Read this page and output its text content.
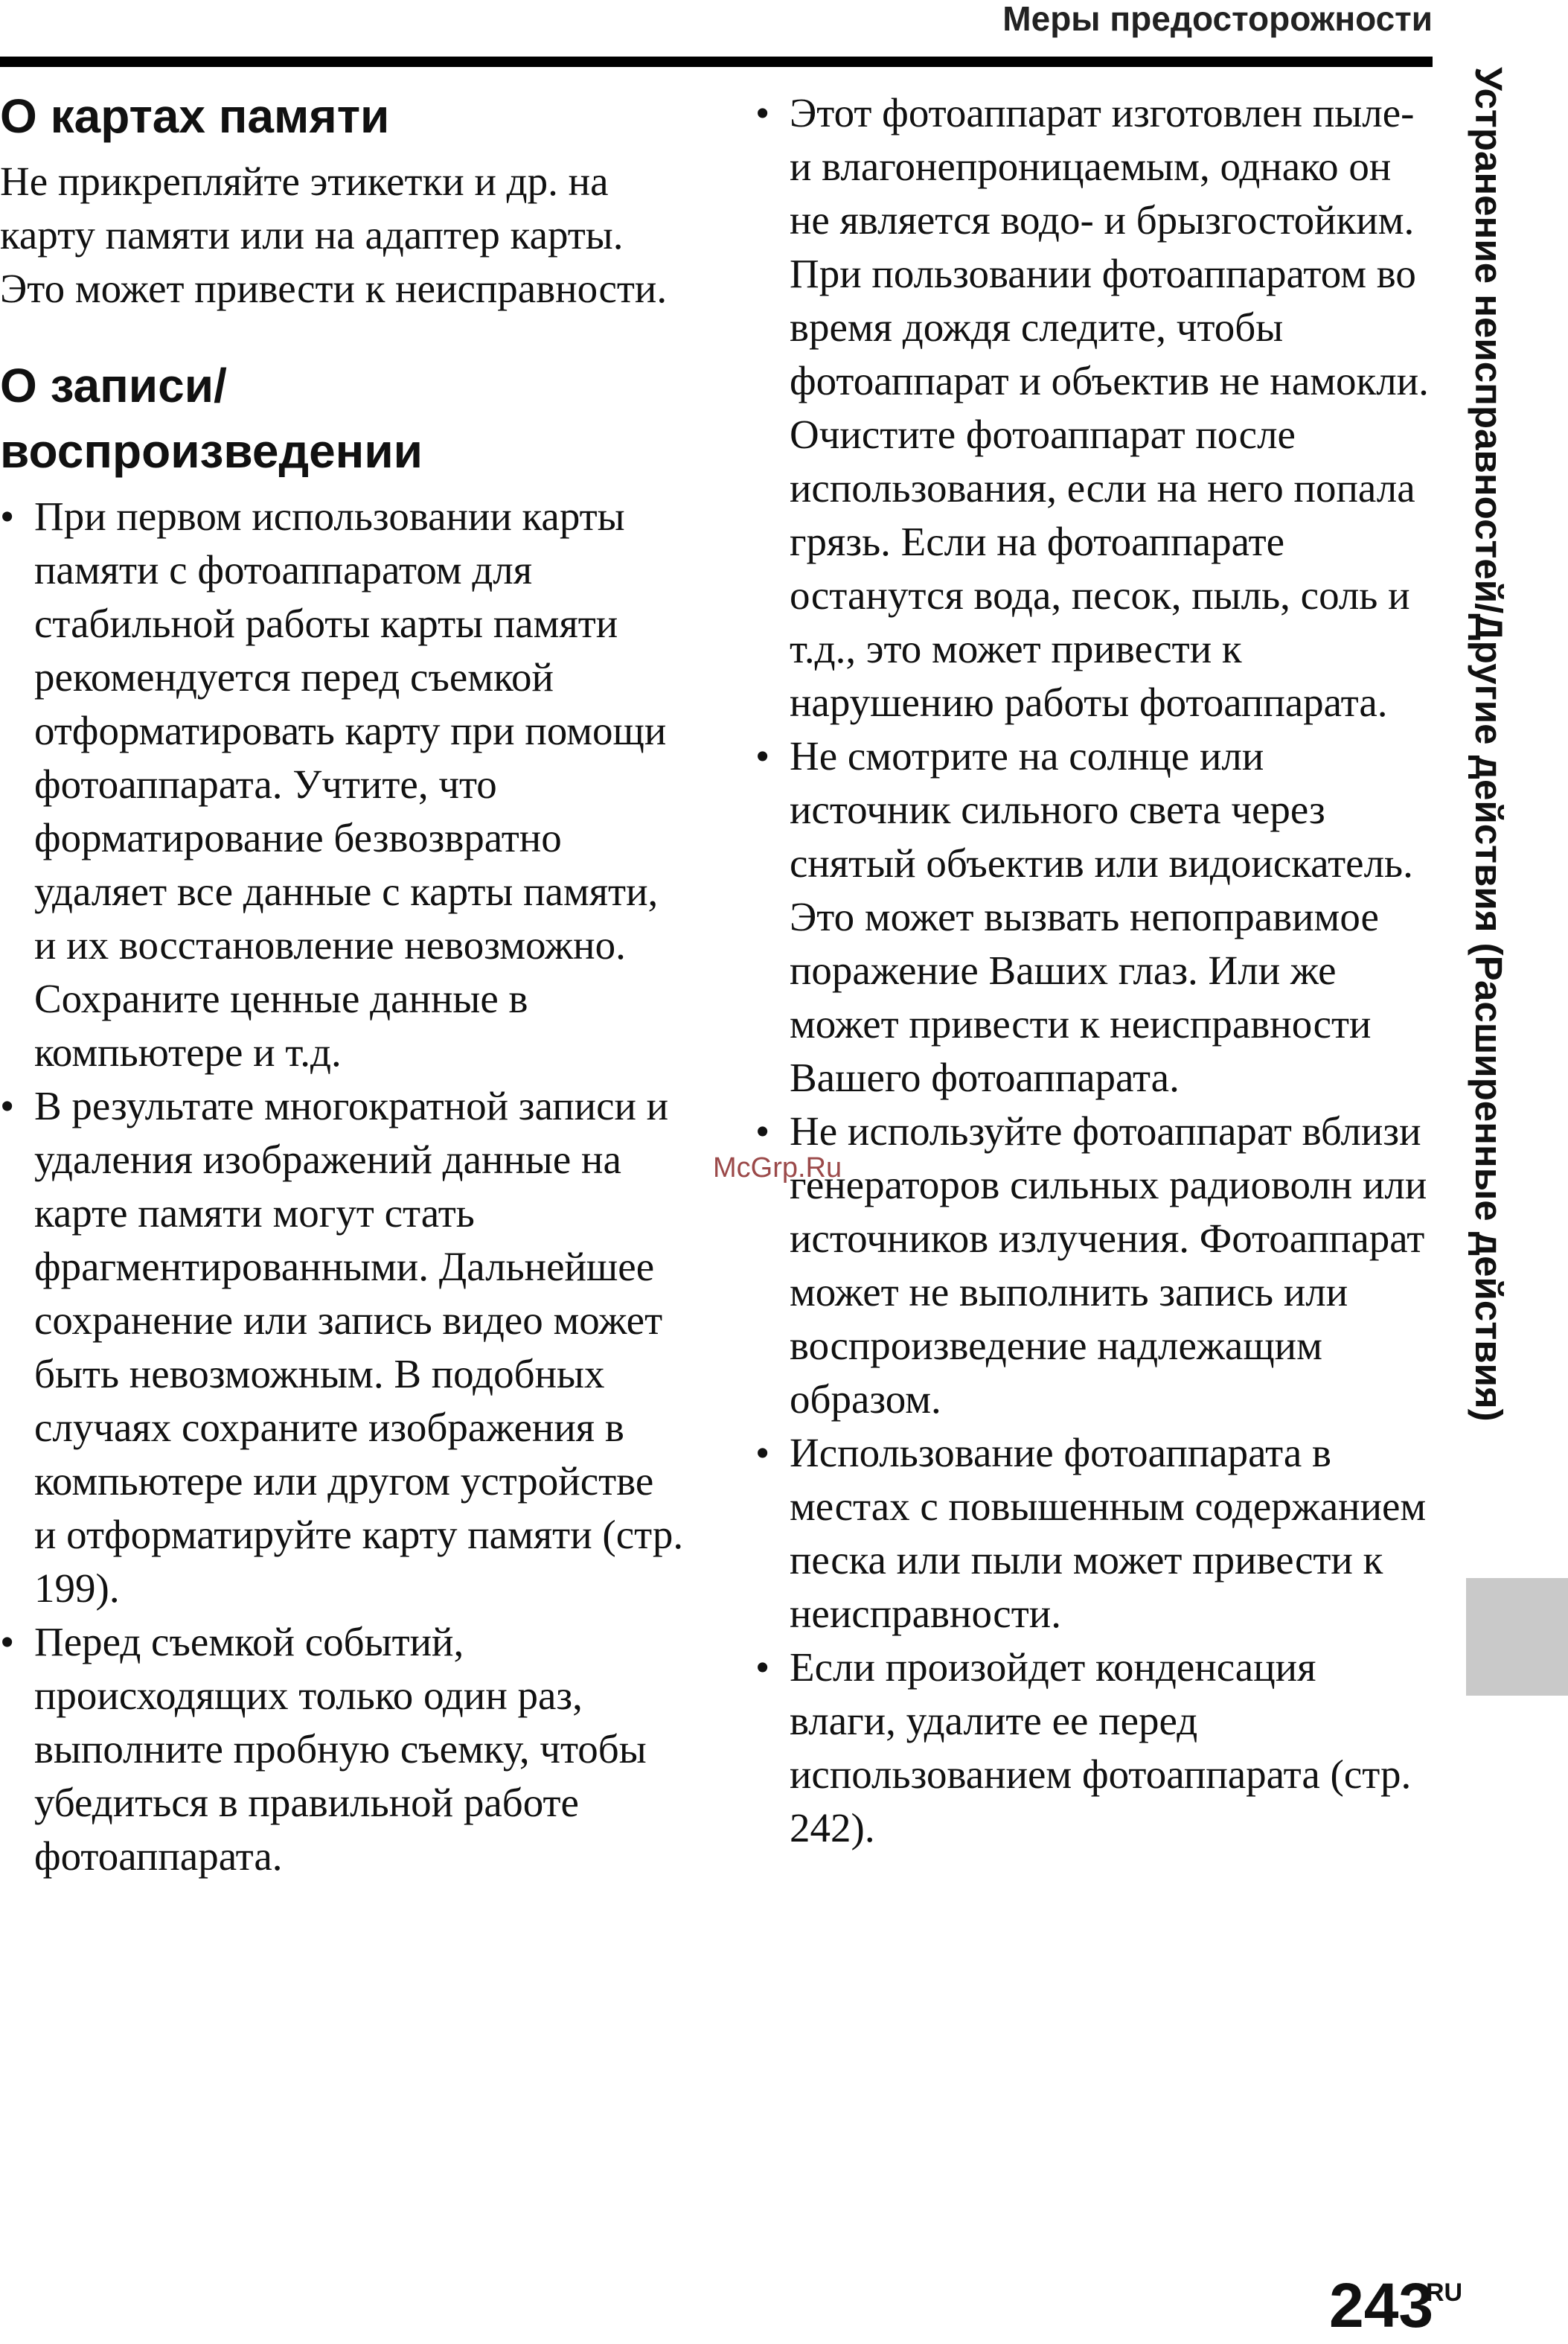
Меры предосторожности
О картах памяти

Не прикрепляйте этикетки и др. на карту памяти или на адаптер карты. Это может привести к неисправности.

О записи/
воспроизведении
• При первом использовании карты памяти с фотоаппаратом для стабильной работы карты памяти рекомендуется перед съемкой отформатировать карту при помощи фотоаппарата. Учтите, что форматирование безвозвратно удаляет все данные с карты памяти, и их восстановление невозможно. Сохраните ценные данные в компьютере и т.д.
• В результате многократной записи и удаления изображений данные на карте памяти могут стать фрагментированными. Дальнейшее сохранение или запись видео может быть невозможным. В подобных случаях сохраните изображения в компьютере или другом устройстве и отформатируйте карту памяти (стр. 199).
• Перед съемкой событий, происходящих только один раз, выполните пробную съемку, чтобы убедиться в правильной работе фотоаппарата.
• Этот фотоаппарат изготовлен пыле- и влагонепроницаемым, однако он не является водо- и брызгостойким. При пользовании фотоаппаратом во время дождя следите, чтобы фотоаппарат и объектив не намокли. Очистите фотоаппарат после использования, если на него попала грязь. Если на фотоаппарате останутся вода, песок, пыль, соль и т.д., это может привести к нарушению работы фотоаппарата.
• Не смотрите на солнце или источник сильного света через снятый объектив или видоискатель. Это может вызвать непоправимое поражение Ваших глаз. Или же может привести к неисправности Вашего фотоаппарата.
• Не используйте фотоаппарат вблизи генераторов сильных радиоволн или источников излучения. Фотоаппарат может не выполнить запись или воспроизведение надлежащим образом.
• Использование фотоаппарата в местах с повышенным содержанием песка или пыли может привести к неисправности.
• Если произойдет конденсация влаги, удалите ее перед использованием фотоаппарата (стр. 242).
Устранение неисправностей/Другие действия (Расширенные действия)
McGrp.Ru
243
RU
